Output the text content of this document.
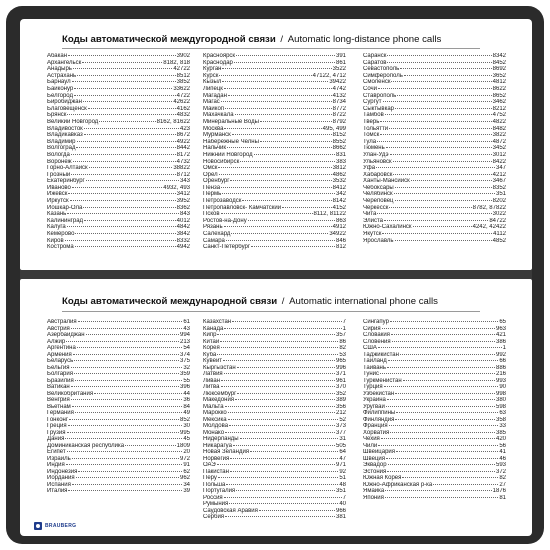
Коды автоматической междугородной связи / Automatic long-distance phone calls
Абакан	3902
Архангельск	8182, 818
Анадырь	42722
Астрахань	8512
Барнаул	3852
Байконур	33622
Белгород	4722
Биробиджан	42622
Благовещенск	4162
Брянск	4832
Великий Новгород	8162, 81622
Владивосток	423
Владикавказ	8672
Владимир	4922
Волгоград	8442
Вологда	8172
Воронеж	4732
Горно-Алтайск	38822
Грозный	8712
Екатеринбург	343
Иваново	4932, 493
Ижевск	3412
Иркутск	3952
Йошкар-Ола	8362
Казань	843
Калининград	4012
Калуга	4842
Кемерово	3842
Киров	8332
Кострома	4942
Красноярск	391
Краснодар	861
Курган	3522
Курск	47122, 4712
Кызыл	39422
Липецк	4742
Магадан	4132
Магас	8734
Майкоп	8772
Махачкала	8722
Минеральные Воды	8792
Москва	495, 499
Мурманск	8152
Набережные Челны	8552
Нальчик	8662
Нижний Новгород	831
Новосибирск	383
Омск	3812
Орел	4862
Оренбург	3532
Пенза	8412
Пермь	342
Петрозаводск	8142
Петропавловск- Камчатский	4152
Псков	8112, 81122
Ростов-на-Дону	863
Рязань	4912
Салехард	34922
Самара	846
Санкт-Петербург	812
Саранск	8342
Саратов	8452
Севастополь	8692
Симферополь	3652
Смоленск	4812
Сочи	8622
Ставрополь	8652
Сургут	3462
Сыктывкар	8212
Тамбов	4752
Тверь	4822
Тольятти	8482
Томск	3822
Тула	4872
Тюмень	3452
Улан-Удэ	3012
Ульяновск	8422
Уфа	347
Хабаровск	4212
Ханты-Мансийск	3467
Чебоксары	8352
Челябинск	351
Череповец	8202
Черкесск	8782, 87822
Чита	3022
Элиста	84722
Южно-Сахалинск	4242, 42422
Якутск	4112
Ярославль	4852
Коды автоматической международной связи / Automatic international phone calls
Австралия	61
Австрия	43
Азербайджан	994
Алжир	213
Аргентина	54
Армения	374
Беларусь	375
Бельгия	32
Болгария	359
Бразилия	55
Ватикан	396
Великобритания	44
Венгрия	36
Вьетнам	84
Германия	49
Гонконг	852
Греция	30
Грузия	995
Дания	45
Доминиканская республика	1809
Египет	20
Израиль	972
Индия	91
Индонезия	62
Иордания	962
Испания	34
Италия	39
Казахстан	7
Канада	1
Кипр	357
Китай	86
Корея	82
Куба	53
Кувейт	965
Кыргызстан	996
Латвия	371
Ливан	961
Литва	370
Люксембург	352
Македония	389
Мальта	356
Марокко	212
Мексика	52
Молдова	373
Монако	377
Нидерланды	31
Никарагуа	505
Новая Зеландия	64
Норвегия	47
ОАЭ	971
Пакистан	92
Перу	51
Польша	48
Португалия	351
Россия	7
Румыния	40
Саудовская Аравия	966
Сербия	381
Сингапур	65
Сирия	963
Словакия	421
Словения	386
США	1
Таджикистан	992
Таиланд	66
Тайвань	886
Тунис	216
Туркменистан	993
Турция	90
Узбекистан	998
Украина	380
Уругвай	598
Филиппины	63
Финляндия	358
Франция	33
Хорватия	385
Чехия	420
Чили	56
Швейцария	41
Швеция	46
Эквадор	593
Эстония	372
Южная Корея	82
Южно-Африканская р-ка	27
Ямайка	1876
Япония	81
BRAUBERG
